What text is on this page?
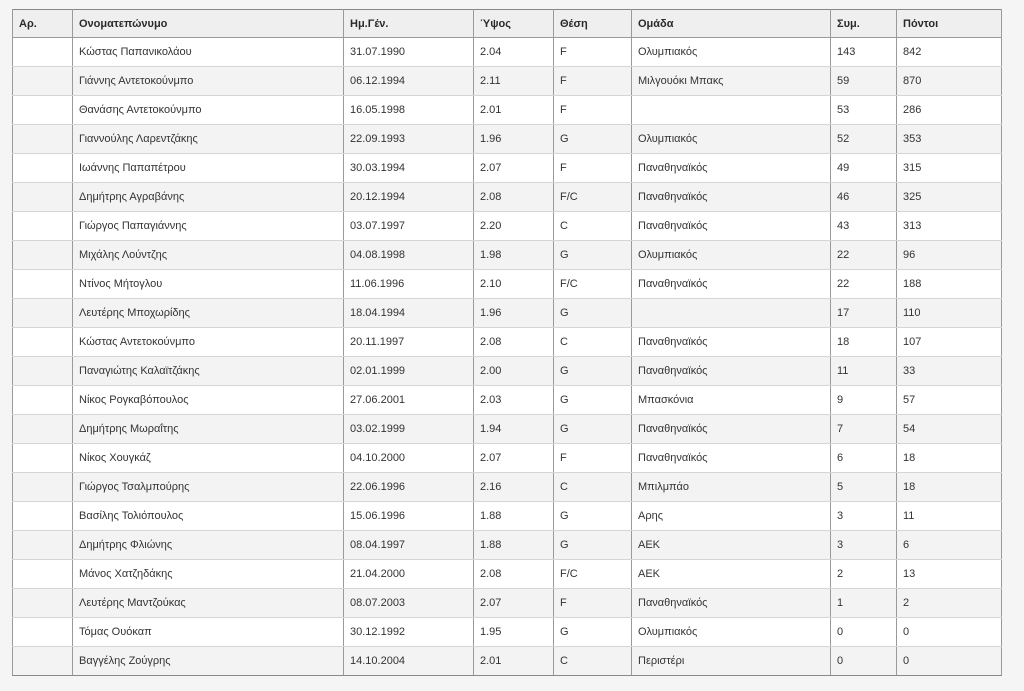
Αρ.	Ονοματεπώνυμο	Ημ.Γέν.	Ύψος	Θέση	Ομάδα	Συμ.	Πόντοι
	Κώστας Παπανικολάου	31.07.1990	2.04	F	Ολυμπιακός	143	842
	Γιάννης Αντετοκούνμπο	06.12.1994	2.11	F	Μιλγουόκι Μπακς	59	870
	Θανάσης Αντετοκούνμπο	16.05.1998	2.01	F		53	286
	Γιαννούλης Λαρεντζάκης	22.09.1993	1.96	G	Ολυμπιακός	52	353
	Ιωάννης Παπαπέτρου	30.03.1994	2.07	F	Παναθηναϊκός	49	315
	Δημήτρης Αγραβάνης	20.12.1994	2.08	F/C	Παναθηναϊκός	46	325
	Γιώργος Παπαγιάννης	03.07.1997	2.20	C	Παναθηναϊκός	43	313
	Μιχάλης Λούντζης	04.08.1998	1.98	G	Ολυμπιακός	22	96
	Ντίνος Μήτογλου	11.06.1996	2.10	F/C	Παναθηναϊκός	22	188
	Λευτέρης Μποχωρίδης	18.04.1994	1.96	G		17	110
	Κώστας Αντετοκούνμπο	20.11.1997	2.08	C	Παναθηναϊκός	18	107
	Παναγιώτης Καλαϊτζάκης	02.01.1999	2.00	G	Παναθηναϊκός	11	33
	Νίκος Ρογκαβόπουλος	27.06.2001	2.03	G	Μπασκόνια	9	57
	Δημήτρης Μωραΐτης	03.02.1999	1.94	G	Παναθηναϊκός	7	54
	Νίκος Χουγκάζ	04.10.2000	2.07	F	Παναθηναϊκός	6	18
	Γιώργος Τσαλμπούρης	22.06.1996	2.16	C	Μπιλμπάο	5	18
	Βασίλης Τολιόπουλος	15.06.1996	1.88	G	Αρης	3	11
	Δημήτρης Φλιώνης	08.04.1997	1.88	G	ΑΕΚ	3	6
	Μάνος Χατζηδάκης	21.04.2000	2.08	F/C	ΑΕΚ	2	13
	Λευτέρης Μαντζούκας	08.07.2003	2.07	F	Παναθηναϊκός	1	2
	Τόμας Ουόκαπ	30.12.1992	1.95	G	Ολυμπιακός	0	0
	Βαγγέλης Ζούγρης	14.10.2004	2.01	C	Περιστέρι	0	0
